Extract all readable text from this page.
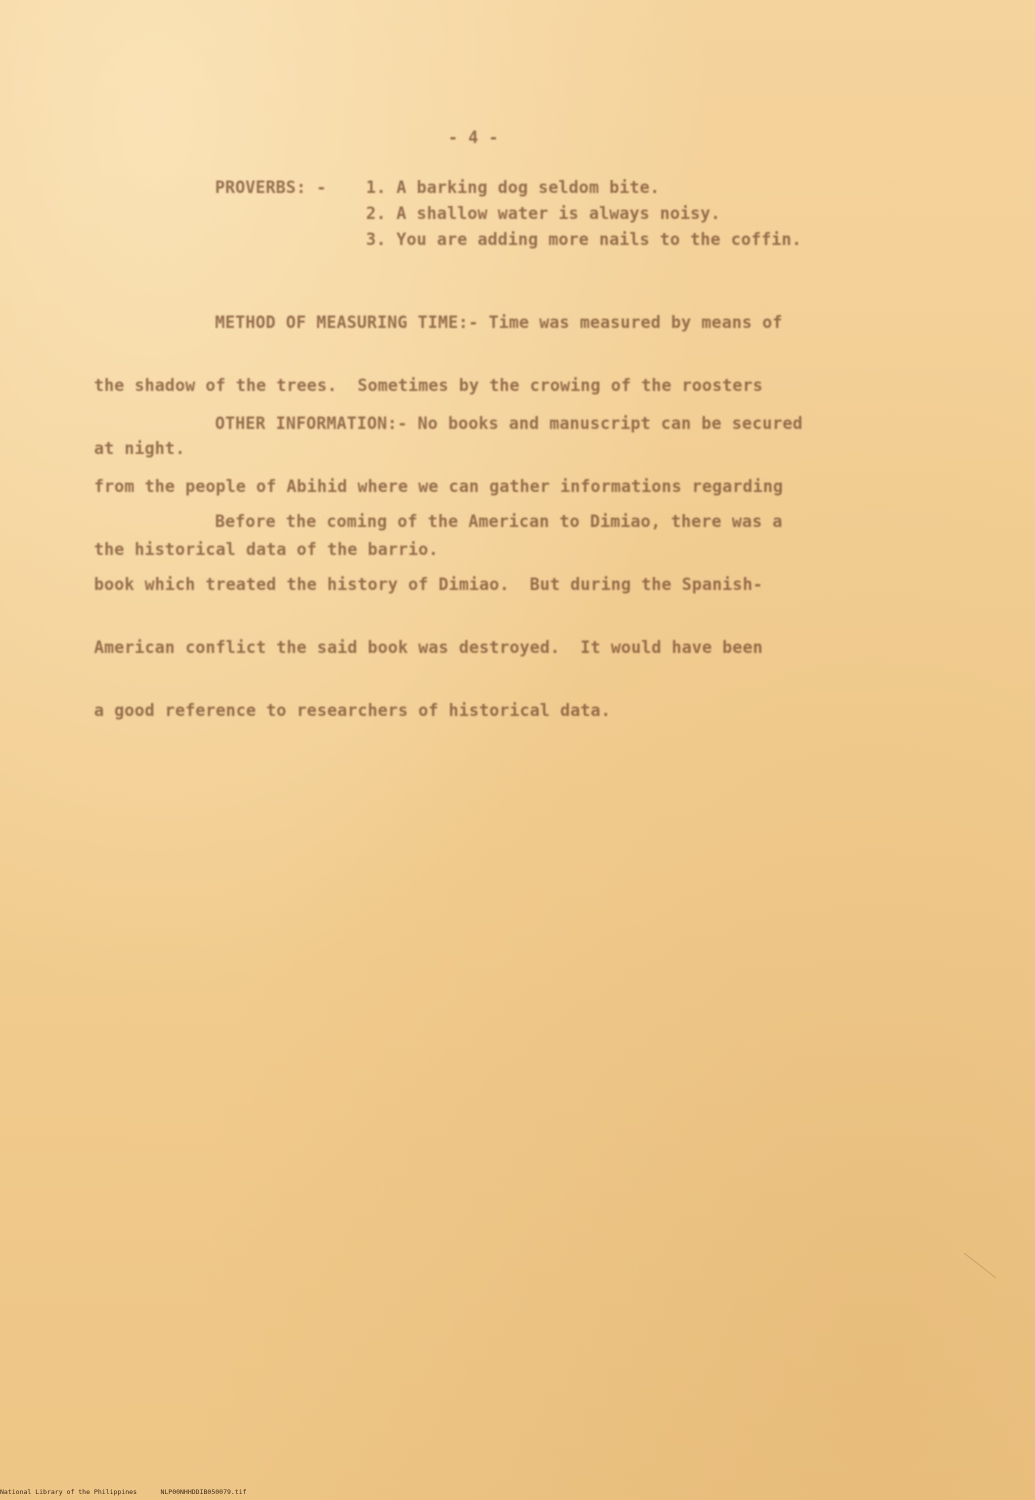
- 4 -
PROVERBS: - 1. A barking dog seldom bite.
2. A shallow water is always noisy.
3. You are adding more nails to the coffin.

METHOD OF MEASURING TIME:- Time was measured by means of

the shadow of the trees.  Sometimes by the crowing of the roosters

at night.

OTHER INFORMATION:- No books and manuscript can be secured

from the people of Abihid where we can gather informations regarding

the historical data of the barrio.

Before the coming of the American to Dimiao, there was a

book which treated the history of Dimiao.  But during the Spanish-

American conflict the said book was destroyed.  It would have been

a good reference to researchers of historical data.

National Library of the Philippines	NLP00NHHDDIB050079.tif
